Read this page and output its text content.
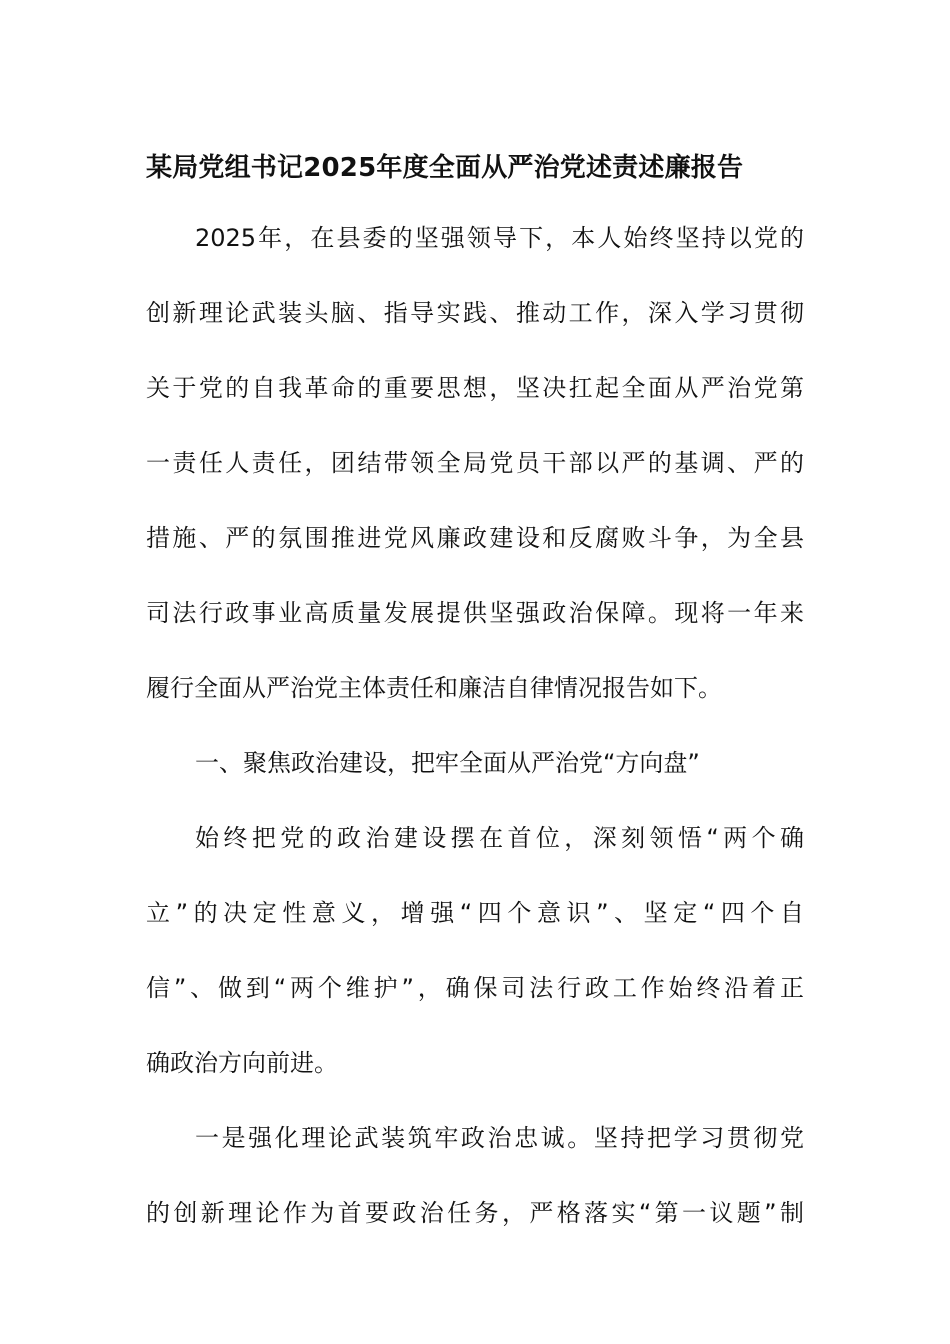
某局党组书记2025年度全面从严治党述责述廉报告
2025年，在县委的坚强领导下，本人始终坚持以党的
创新理论武装头脑、指导实践、推动工作，深入学习贯彻
关于党的自我革命的重要思想，坚决扛起全面从严治党第
一责任人责任，团结带领全局党员干部以严的基调、严的
措施、严的氛围推进党风廉政建设和反腐败斗争，为全县
司法行政事业高质量发展提供坚强政治保障。现将一年来
履行全面从严治党主体责任和廉洁自律情况报告如下。
一、聚焦政治建设，把牢全面从严治党“方向盘”
始终把党的政治建设摆在首位，深刻领悟“两个确
立”的决定性意义，增强“四个意识”、坚定“四个自
信”、做到“两个维护”，确保司法行政工作始终沿着正
确政治方向前进。
一是强化理论武装筑牢政治忠诚。坚持把学习贯彻党
的创新理论作为首要政治任务，严格落实“第一议题”制
